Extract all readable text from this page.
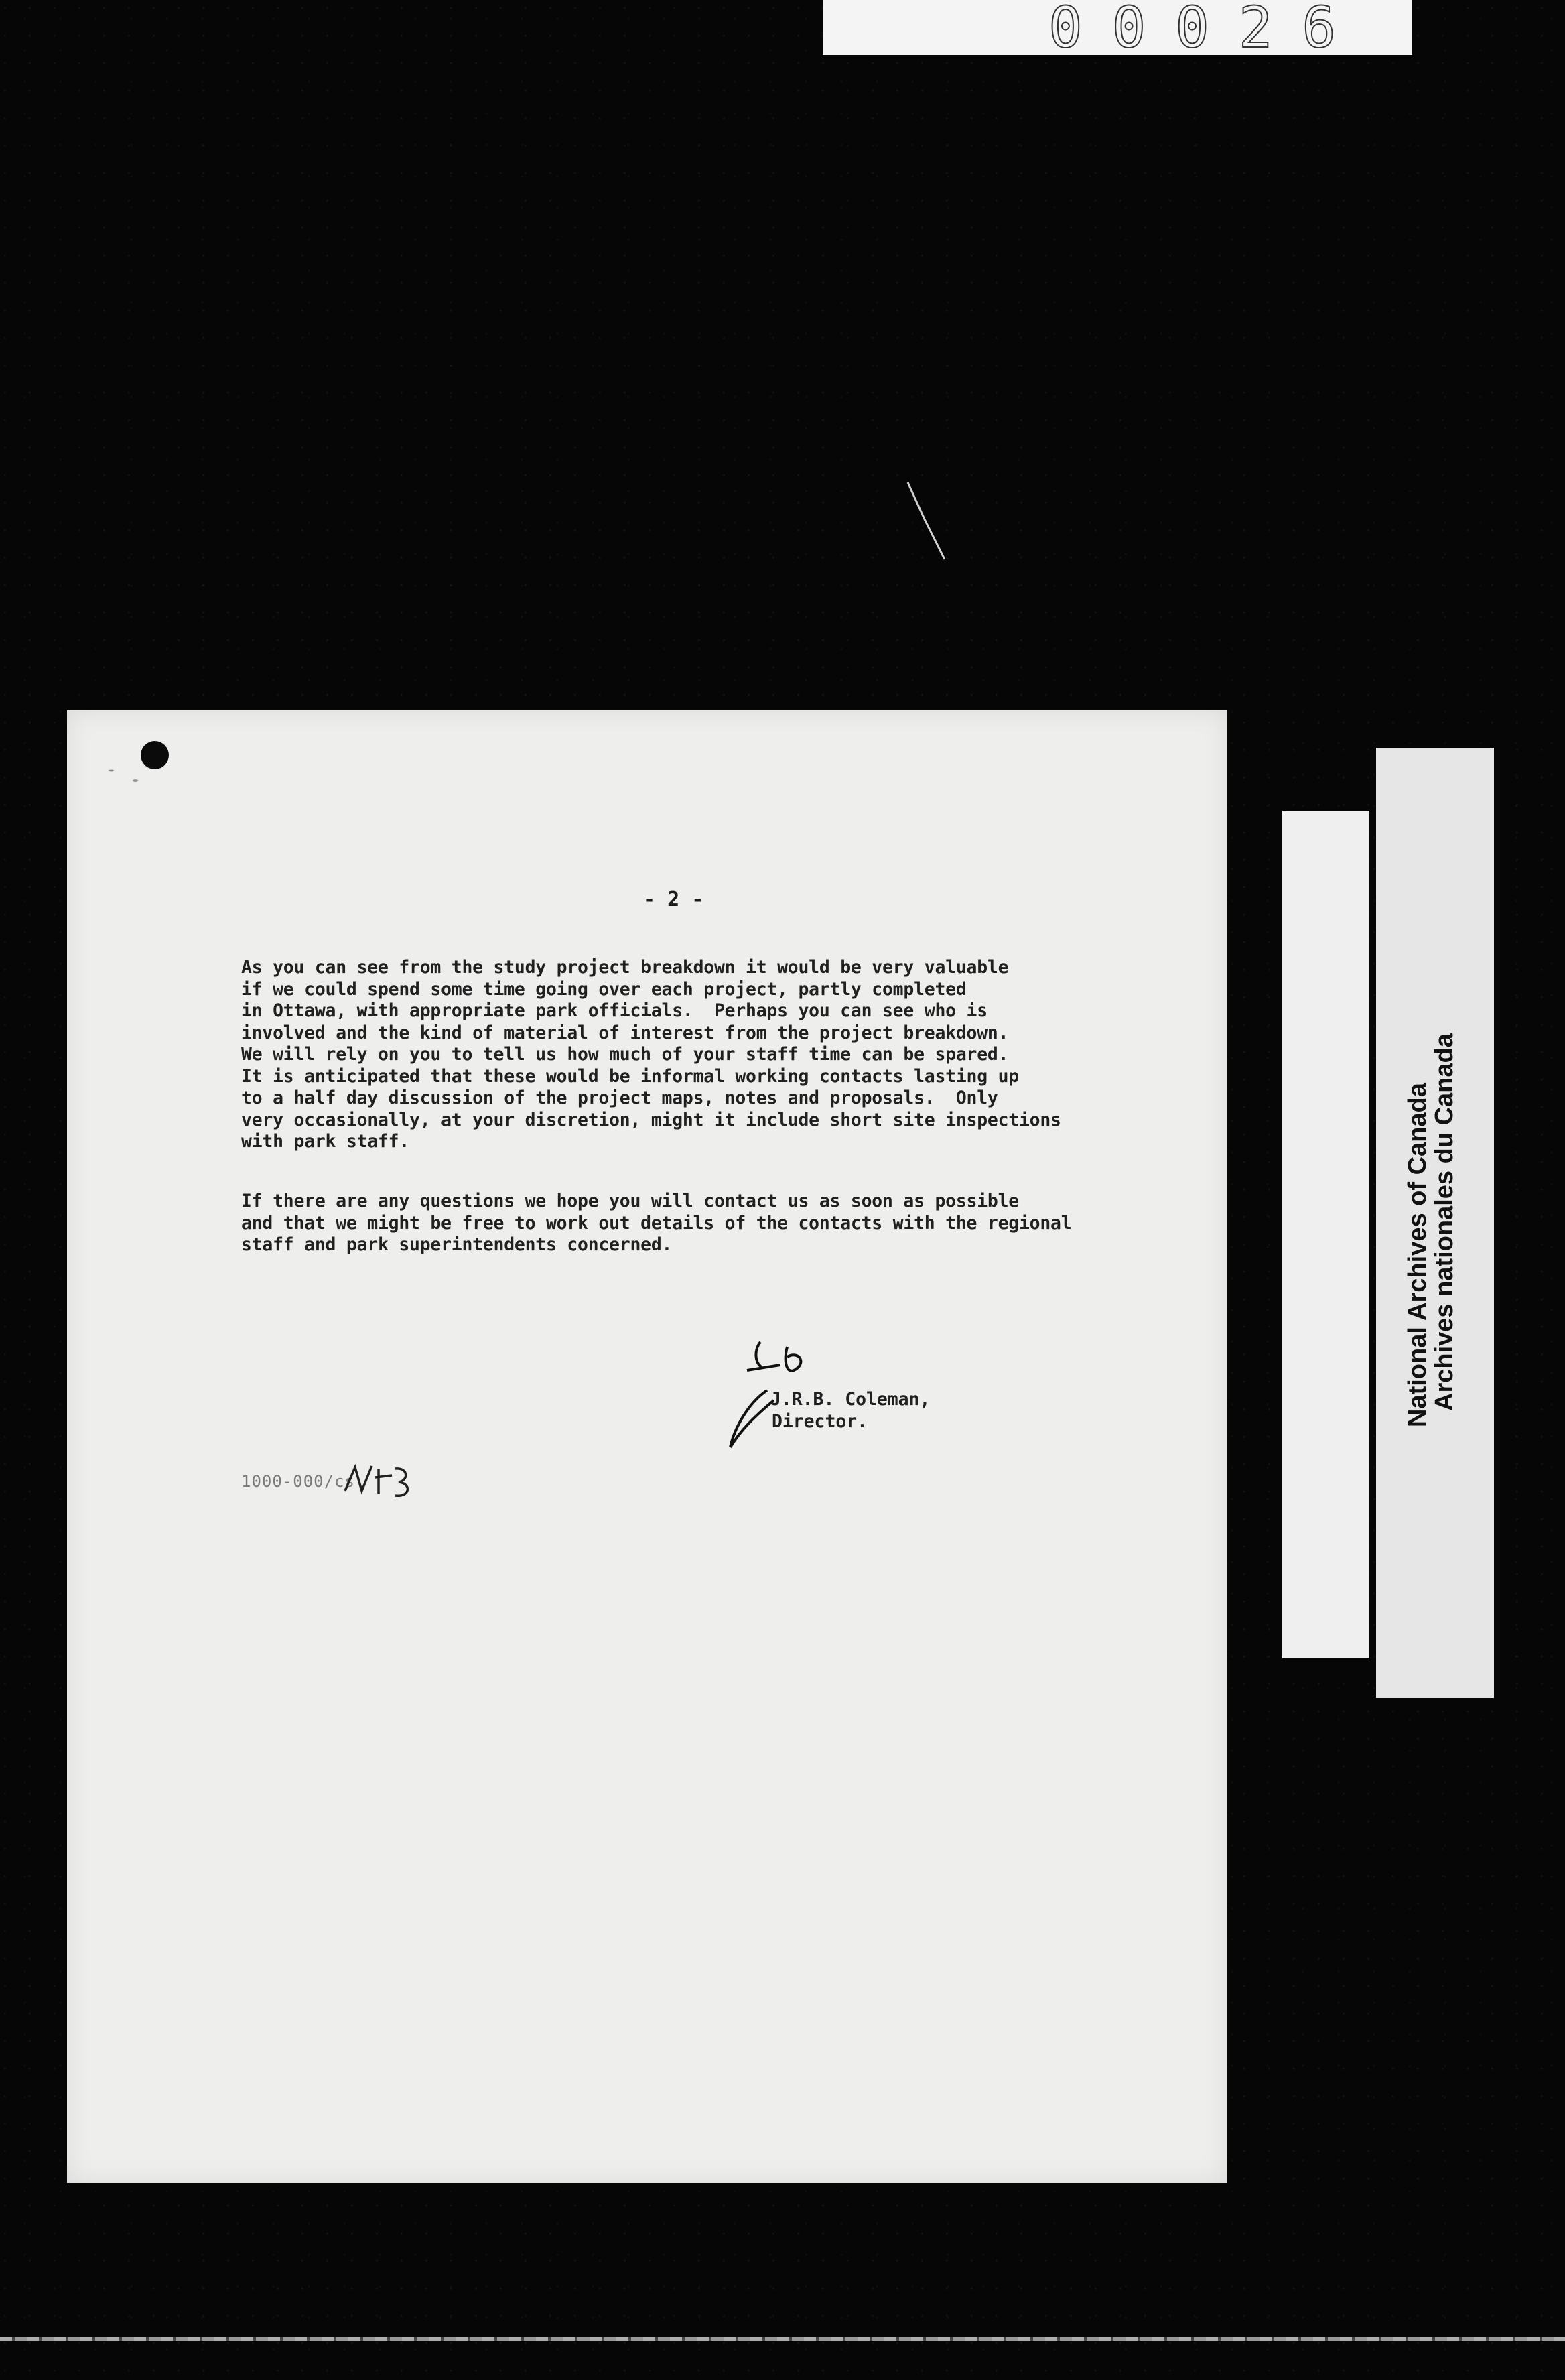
00026
- 2 -
As you can see from the study project breakdown it would be very valuable
if we could spend some time going over each project, partly completed
in Ottawa, with appropriate park officials.  Perhaps you can see who is
involved and the kind of material of interest from the project breakdown.
We will rely on you to tell us how much of your staff time can be spared.
It is anticipated that these would be informal working contacts lasting up
to a half day discussion of the project maps, notes and proposals.  Only
very occasionally, at your discretion, might it include short site inspections
with park staff.
If there are any questions we hope you will contact us as soon as possible
and that we might be free to work out details of the contacts with the regional
staff and park superintendents concerned.
J.R.B. Coleman,
Director.
1000-000/cs
National Archives of Canada
Archives nationales du Canada
